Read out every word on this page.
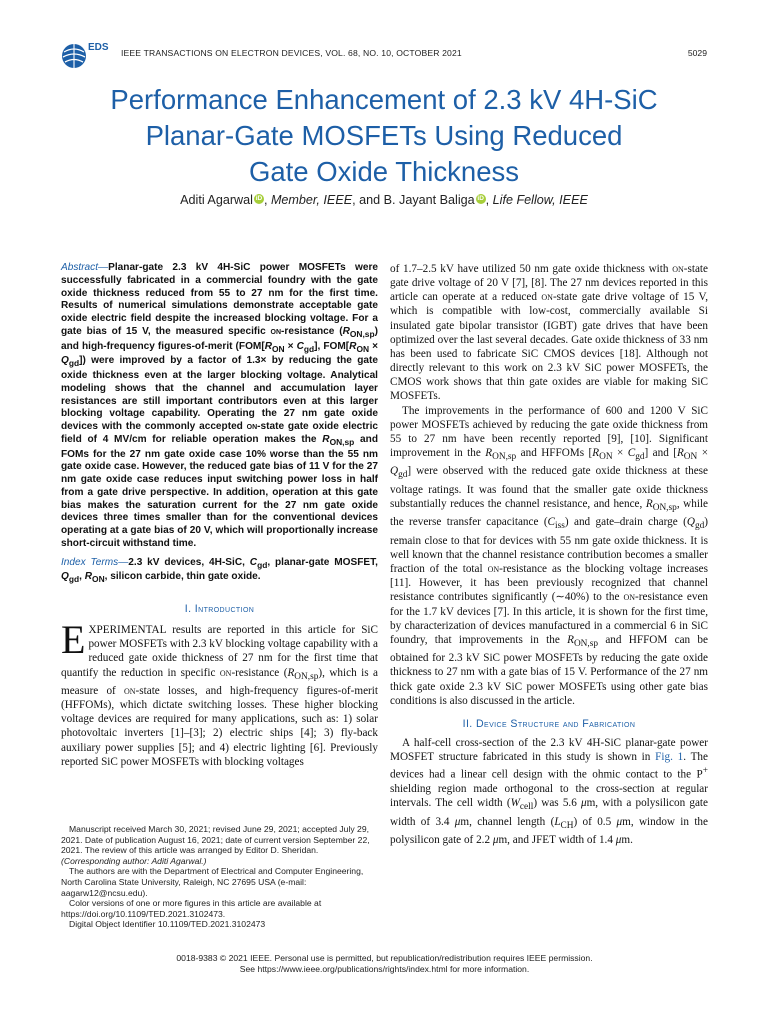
EDS IEEE TRANSACTIONS ON ELECTRON DEVICES, VOL. 68, NO. 10, OCTOBER 2021	5029
Performance Enhancement of 2.3 kV 4H-SiC
Planar-Gate MOSFETs Using Reduced
Gate Oxide Thickness
Aditi Agarwal iD , Member, IEEE, and B. Jayant Baliga iD , Life Fellow, IEEE
Abstract—Planar-gate 2.3 kV 4H-SiC power MOSFETs were successfully fabricated in a commercial foundry with the gate oxide thickness reduced from 55 to 27 nm for the first time. Results of numerical simulations demonstrate acceptable gate oxide electric field despite the increased blocking voltage. For a gate bias of 15 V, the measured specific on-resistance $(R_{ON,sp})$ and high-frequency figures-of-merit ($FOM[R_{ON} \times C_{gd}]$, $FOM[R_{ON} \times Q_{gd}]$) were improved by a factor of 1.3× by reducing the gate oxide thickness even at the larger blocking voltage. Analytical modeling shows that the channel and accumulation layer resistances are still important contributors even at this larger blocking voltage capability. Operating the 27 nm gate oxide devices with the commonly accepted on-state gate oxide electric field of 4 MV/cm for reliable operation makes the $R_{ON,sp}$ and FOMs for the 27 nm gate oxide case 10% worse than the 55 nm gate oxide case. However, the reduced gate bias of 11 V for the 27 nm gate oxide case reduces input switching power loss in half from a gate drive perspective. In addition, operation at this gate bias makes the saturation current for the 27 nm gate oxide devices three times smaller than for the conventional devices operating at a gate bias of 20 V, which will proportionally increase short-circuit withstand time.
Index Terms—2.3 kV devices, 4H-SiC, $C_{gd}$, planar-gate MOSFET, $Q_{gd}$, $R_{ON}$, silicon carbide, thin gate oxide.
I. Introduction

EXPERIMENTAL results are reported in this article for SiC power MOSFETs with 2.3 kV blocking voltage capability with a reduced gate oxide thickness of 27 nm for the first time that quantify the reduction in specific on-resistance $(R_{ON,sp})$, which is a measure of on-state losses, and high-frequency figures-of-merit (HFFOMs), which dictate switching losses. These higher blocking voltage devices are required for many applications, such as: 1) solar photovoltaic inverters [1]–[3]; 2) electric ships [4]; 3) fly-back auxiliary power supplies [5]; and 4) electric lighting [6]. Previously reported SiC power MOSFETs with blocking voltages

Manuscript received March 30, 2021; revised June 29, 2021; accepted July 29, 2021. Date of publication August 16, 2021; date of current version September 22, 2021. The review of this article was arranged by Editor D. Sheridan. (Corresponding author: Aditi Agarwal.)

The authors are with the Department of Electrical and Computer Engineering, North Carolina State University, Raleigh, NC 27695 USA (e-mail: aagarw12@ncsu.edu).

Color versions of one or more figures in this article are available at https://doi.org/10.1109/TED.2021.3102473.

Digital Object Identifier 10.1109/TED.2021.3102473

of 1.7–2.5 kV have utilized 50 nm gate oxide thickness with on-state gate drive voltage of 20 V [7], [8]. The 27 nm devices reported in this article can operate at a reduced on-state gate drive voltage of 15 V, which is compatible with low-cost, commercially available Si insulated gate bipolar transistor (IGBT) gate drives that have been optimized over the last several decades. Gate oxide thickness of 33 nm has been used to fabricate SiC CMOS devices [18]. Although not directly relevant to this work on 2.3 kV SiC power MOSFETs, the CMOS work shows that thin gate oxides are viable for making SiC MOSFETs.

The improvements in the performance of 600 and 1200 V SiC power MOSFETs achieved by reducing the gate oxide thickness from 55 to 27 nm have been recently reported [9], [10]. Significant improvement in the $R_{ON,sp}$ and HFFOMs $[R_{ON} \times C_{gd}]$ and $[R_{ON} \times Q_{gd}]$ were observed with the reduced gate oxide thickness at these voltage ratings. It was found that the smaller gate oxide thickness substantially reduces the channel resistance, and hence, $R_{ON,sp}$, while the reverse transfer capacitance $(C_{iss})$ and gate–drain charge $(Q_{gd})$ remain close to that for devices with 55 nm gate oxide thickness. It is well known that the channel resistance contribution becomes a smaller fraction of the total on-resistance as the blocking voltage increases [11]. However, it has been previously recognized that channel resistance contributes significantly (∼40%) to the on-resistance even for the 1.7 kV devices [7]. In this article, it is shown for the first time, by characterization of devices manufactured in a commercial 6 in SiC foundry, that improvements in the $R_{ON,sp}$ and HFFOM can be obtained for 2.3 kV SiC power MOSFETs by reducing the gate oxide thickness to 27 nm with a gate bias of 15 V. Performance of the 27 nm thick gate oxide 2.3 kV SiC power MOSFETs using other gate bias conditions is also discussed in the article.

II. Device Structure and Fabrication

A half-cell cross-section of the 2.3 kV 4H-SiC planar-gate power MOSFET structure fabricated in this study is shown in Fig. 1. The devices had a linear cell design with the ohmic contact to the P+ shielding region made orthogonal to the cross-section at regular intervals. The cell width $(W_{cell})$ was 5.6 μm, with a polysilicon gate width of 3.4 μm, channel length $(L_{CH})$ of 0.5 μm, window in the polysilicon gate of 2.2 μm, and JFET width of 1.4 μm.

0018-9383 © 2021 IEEE. Personal use is permitted, but republication/redistribution requires IEEE permission.
See https://www.ieee.org/publications/rights/index.html for more information.
